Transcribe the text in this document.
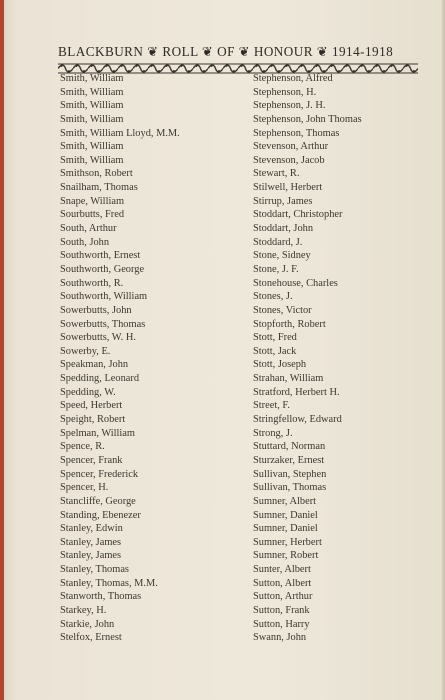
BLACKBURN ❦ ROLL ❦ OF ❦ HONOUR ❦ 1914-1918
Smith, William
Smith, William
Smith, William
Smith, William
Smith, William Lloyd, M.M.
Smith, William
Smith, William
Smithson, Robert
Snailham, Thomas
Snape, William
Sourbutts, Fred
South, Arthur
South, John
Southworth, Ernest
Southworth, George
Southworth, R.
Southworth, William
Sowerbutts, John
Sowerbutts, Thomas
Sowerbutts, W. H.
Sowerby, E.
Speakman, John
Spedding, Leonard
Spedding, W.
Speed, Herbert
Speight, Robert
Spelman, William
Spence, R.
Spencer, Frank
Spencer, Frederick
Spencer, H.
Stancliffe, George
Standing, Ebenezer
Stanley, Edwin
Stanley, James
Stanley, James
Stanley, Thomas
Stanley, Thomas, M.M.
Stanworth, Thomas
Starkey, H.
Starkie, John
Stelfox, Ernest
Stephenson, Alfred
Stephenson, H.
Stephenson, J. H.
Stephenson, John Thomas
Stephenson, Thomas
Stevenson, Arthur
Stevenson, Jacob
Stewart, R.
Stilwell, Herbert
Stirrup, James
Stoddart, Christopher
Stoddart, John
Stoddard, J.
Stone, Sidney
Stone, J. F.
Stonehouse, Charles
Stones, J.
Stones, Victor
Stopforth, Robert
Stott, Fred
Stott, Jack
Stott, Joseph
Strahan, William
Stratford, Herbert H.
Street, F.
Stringfellow, Edward
Strong, J.
Stuttard, Norman
Sturzaker, Ernest
Sullivan, Stephen
Sullivan, Thomas
Sumner, Albert
Sumner, Daniel
Sumner, Daniel
Sumner, Herbert
Sumner, Robert
Sunter, Albert
Sutton, Albert
Sutton, Arthur
Sutton, Frank
Sutton, Harry
Swann, John
